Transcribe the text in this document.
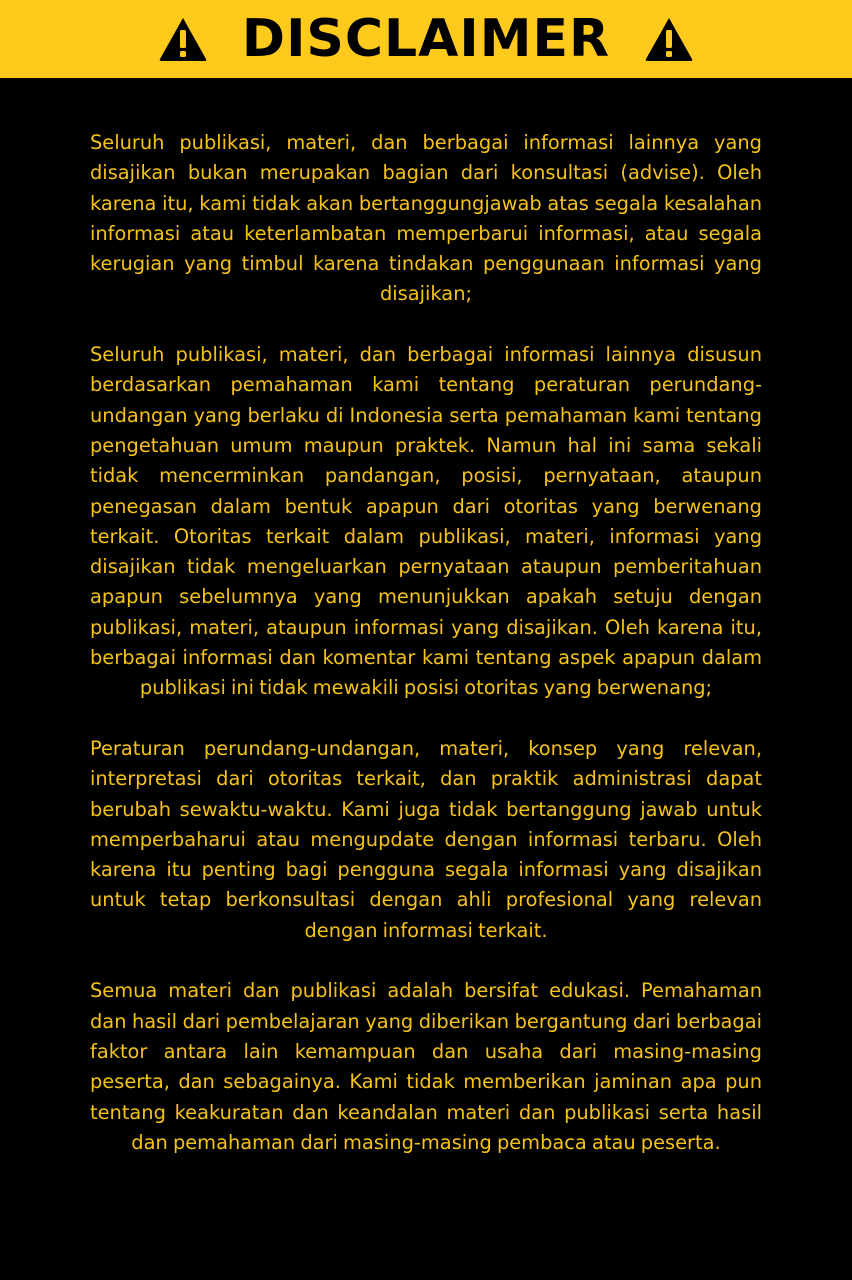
DISCLAIMER

Seluruh publikasi, materi, dan berbagai informasi lainnya yang disajikan bukan merupakan bagian dari konsultasi (advise). Oleh karena itu, kami tidak akan bertanggungjawab atas segala kesalahan informasi atau keterlambatan memperbarui informasi, atau segala kerugian yang timbul karena tindakan penggunaan informasi yang disajikan;

Seluruh publikasi, materi, dan berbagai informasi lainnya disusun berdasarkan pemahaman kami tentang peraturan perundang-undangan yang berlaku di Indonesia serta pemahaman kami tentang pengetahuan umum maupun praktek. Namun hal ini sama sekali tidak mencerminkan pandangan, posisi, pernyataan, ataupun penegasan dalam bentuk apapun dari otoritas yang berwenang terkait. Otoritas terkait dalam publikasi, materi, informasi yang disajikan tidak mengeluarkan pernyataan ataupun pemberitahuan apapun sebelumnya yang menunjukkan apakah setuju dengan publikasi, materi, ataupun informasi yang disajikan. Oleh karena itu, berbagai informasi dan komentar kami tentang aspek apapun dalam publikasi ini tidak mewakili posisi otoritas yang berwenang;

Peraturan perundang-undangan, materi, konsep yang relevan, interpretasi dari otoritas terkait, dan praktik administrasi dapat berubah sewaktu-waktu. Kami juga tidak bertanggung jawab untuk memperbaharui atau mengupdate dengan informasi terbaru. Oleh karena itu penting bagi pengguna segala informasi yang disajikan untuk tetap berkonsultasi dengan ahli profesional yang relevan dengan informasi terkait.

Semua materi dan publikasi adalah bersifat edukasi. Pemahaman dan hasil dari pembelajaran yang diberikan bergantung dari berbagai faktor antara lain kemampuan dan usaha dari masing-masing peserta, dan sebagainya. Kami tidak memberikan jaminan apa pun tentang keakuratan dan keandalan materi dan publikasi serta hasil dan pemahaman dari masing-masing pembaca atau peserta.
